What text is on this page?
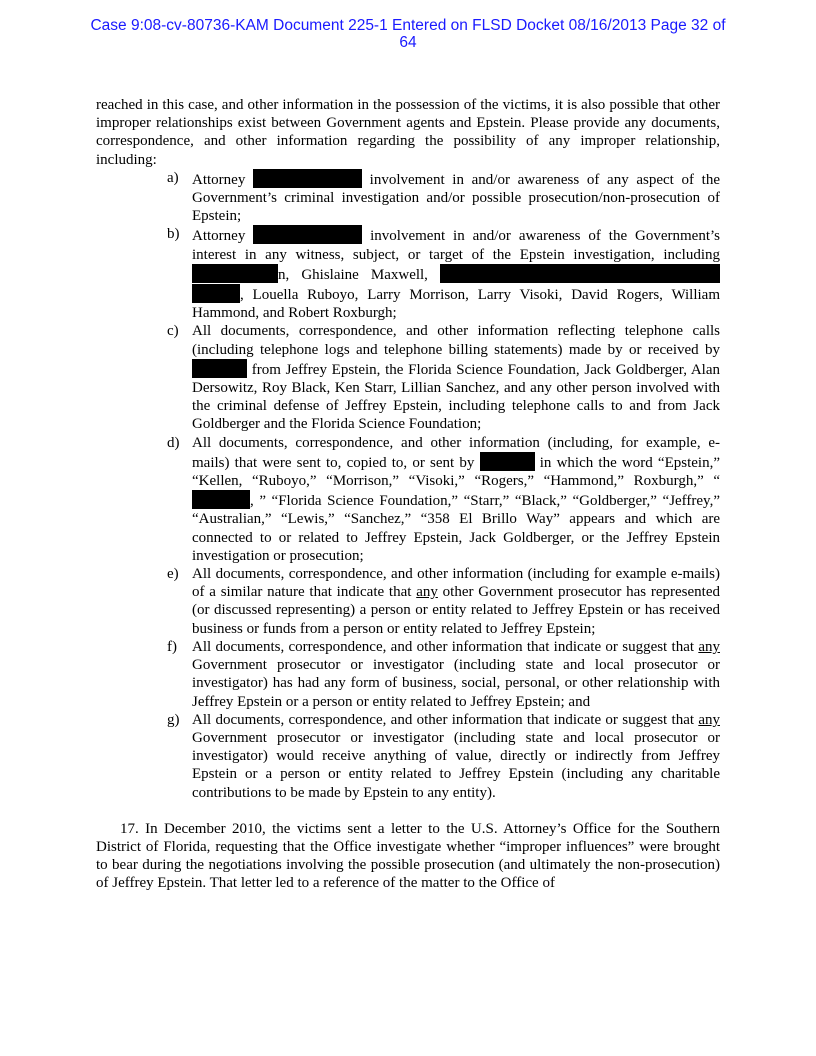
Case 9:08-cv-80736-KAM Document 225-1 Entered on FLSD Docket 08/16/2013 Page 32 of
64

reached in this case, and other information in the possession of the victims, it is also possible that other improper relationships exist between Government agents and Epstein. Please provide any documents, correspondence, and other information regarding the possibility of any improper relationship, including:

a) Attorney	involvement in and/or awareness of any aspect of the Government’s criminal investigation and/or possible prosecution/non-prosecution of Epstein;
b) Attorney	involvement in and/or awareness of the Government’s interest in any witness, subject, or target of the Epstein investigation, including n, Ghislaine Maxwell,  , Louella Ruboyo, Larry Morrison, Larry Visoki, David Rogers, William Hammond, and Robert Roxburgh;
c) All documents, correspondence, and other information reflecting telephone calls (including telephone logs and telephone billing statements) made by or received by  from Jeffrey Epstein, the Florida Science Foundation, Jack Goldberger, Alan Dersowitz, Roy Black, Ken Starr, Lillian Sanchez, and any other person involved with the criminal defense of Jeffrey Epstein, including telephone calls to and from Jack Goldberger and the Florida Science Foundation;
d) All documents, correspondence, and other information (including, for example, e-mails) that were sent to, copied to, or sent by	in which the word “Epstein,” “Kellen, “Ruboyo,” “Morrison,” “Visoki,” “Rogers,” “Hammond,” Roxburgh,” “, ” “Florida Science Foundation,” “Starr,” “Black,” “Goldberger,” “Jeffrey,” “Australian,” “Lewis,” “Sanchez,” “358 El Brillo Way” appears and which are connected to or related to Jeffrey Epstein, Jack Goldberger, or the Jeffrey Epstein investigation or prosecution;
e) All documents, correspondence, and other information (including for example e-mails) of a similar nature that indicate that any other Government prosecutor has represented (or discussed representing) a person or entity related to Jeffrey Epstein or has received business or funds from a person or entity related to Jeffrey Epstein;
f) All documents, correspondence, and other information that indicate or suggest that any Government prosecutor or investigator (including state and local prosecutor or investigator) has had any form of business, social, personal, or other relationship with Jeffrey Epstein or a person or entity related to Jeffrey Epstein; and
g) All documents, correspondence, and other information that indicate or suggest that any Government prosecutor or investigator (including state and local prosecutor or investigator) would receive anything of value, directly or indirectly from Jeffrey Epstein or a person or entity related to Jeffrey Epstein (including any charitable contributions to be made by Epstein to any entity).

17. In December 2010, the victims sent a letter to the U.S. Attorney’s Office for the Southern District of Florida, requesting that the Office investigate whether “improper influences” were brought to bear during the negotiations involving the possible prosecution (and ultimately the non-prosecution) of Jeffrey Epstein. That letter led to a reference of the matter to the Office of
